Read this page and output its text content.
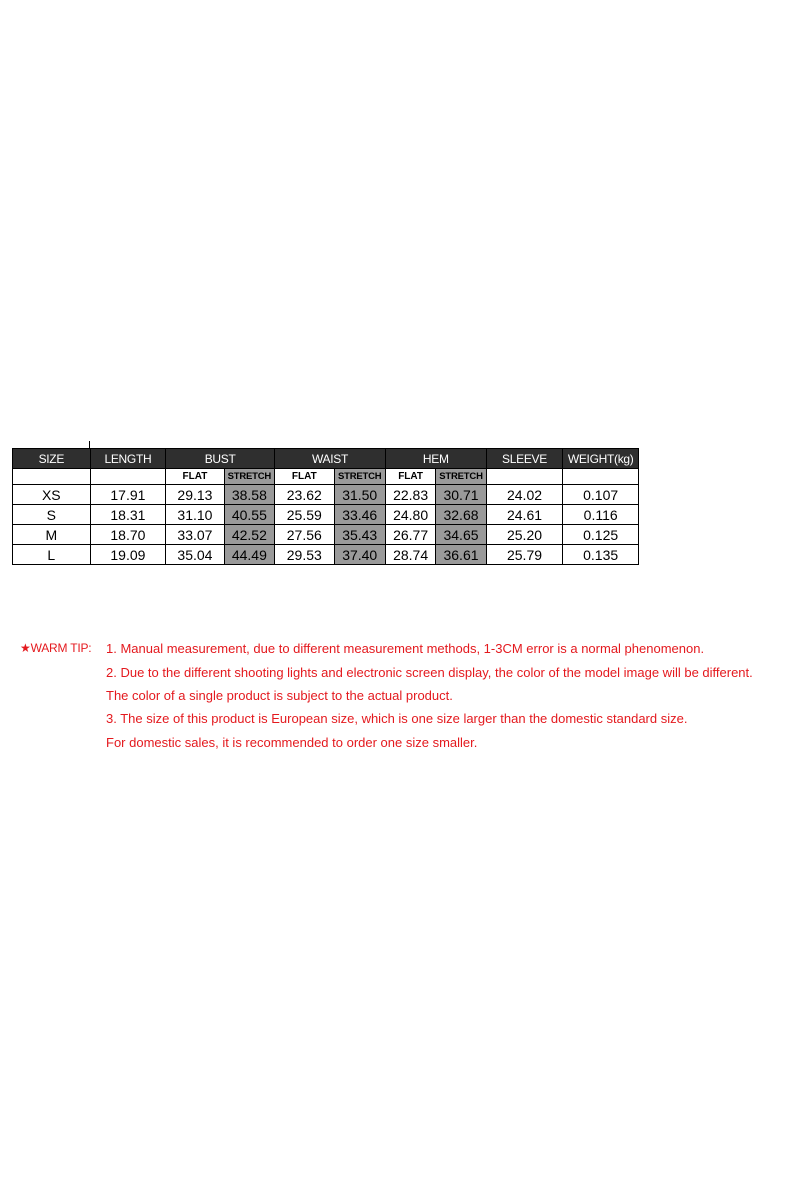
SIZE	LENGTH	BUST		WAIST		HEM		SLEEVE	WEIGHT(kg)
		FLAT	STRETCH	FLAT	STRETCH	FLAT	STRETCH		
XS	17.91	29.13	38.58	23.62	31.50	22.83	30.71	24.02	0.107
S	18.31	31.10	40.55	25.59	33.46	24.80	32.68	24.61	0.116
M	18.70	33.07	42.52	27.56	35.43	26.77	34.65	25.20	0.125
L	19.09	35.04	44.49	29.53	37.40	28.74	36.61	25.79	0.135
★WARM TIP: 1. Manual measurement, due to different measurement methods, 1-3CM error is a normal phenomenon.
2. Due to the different shooting lights and electronic screen display, the color of the model image will be different.
The color of a single product is subject to the actual product.
3. The size of this product is European size, which is one size larger than the domestic standard size.
For domestic sales, it is recommended to order one size smaller.
